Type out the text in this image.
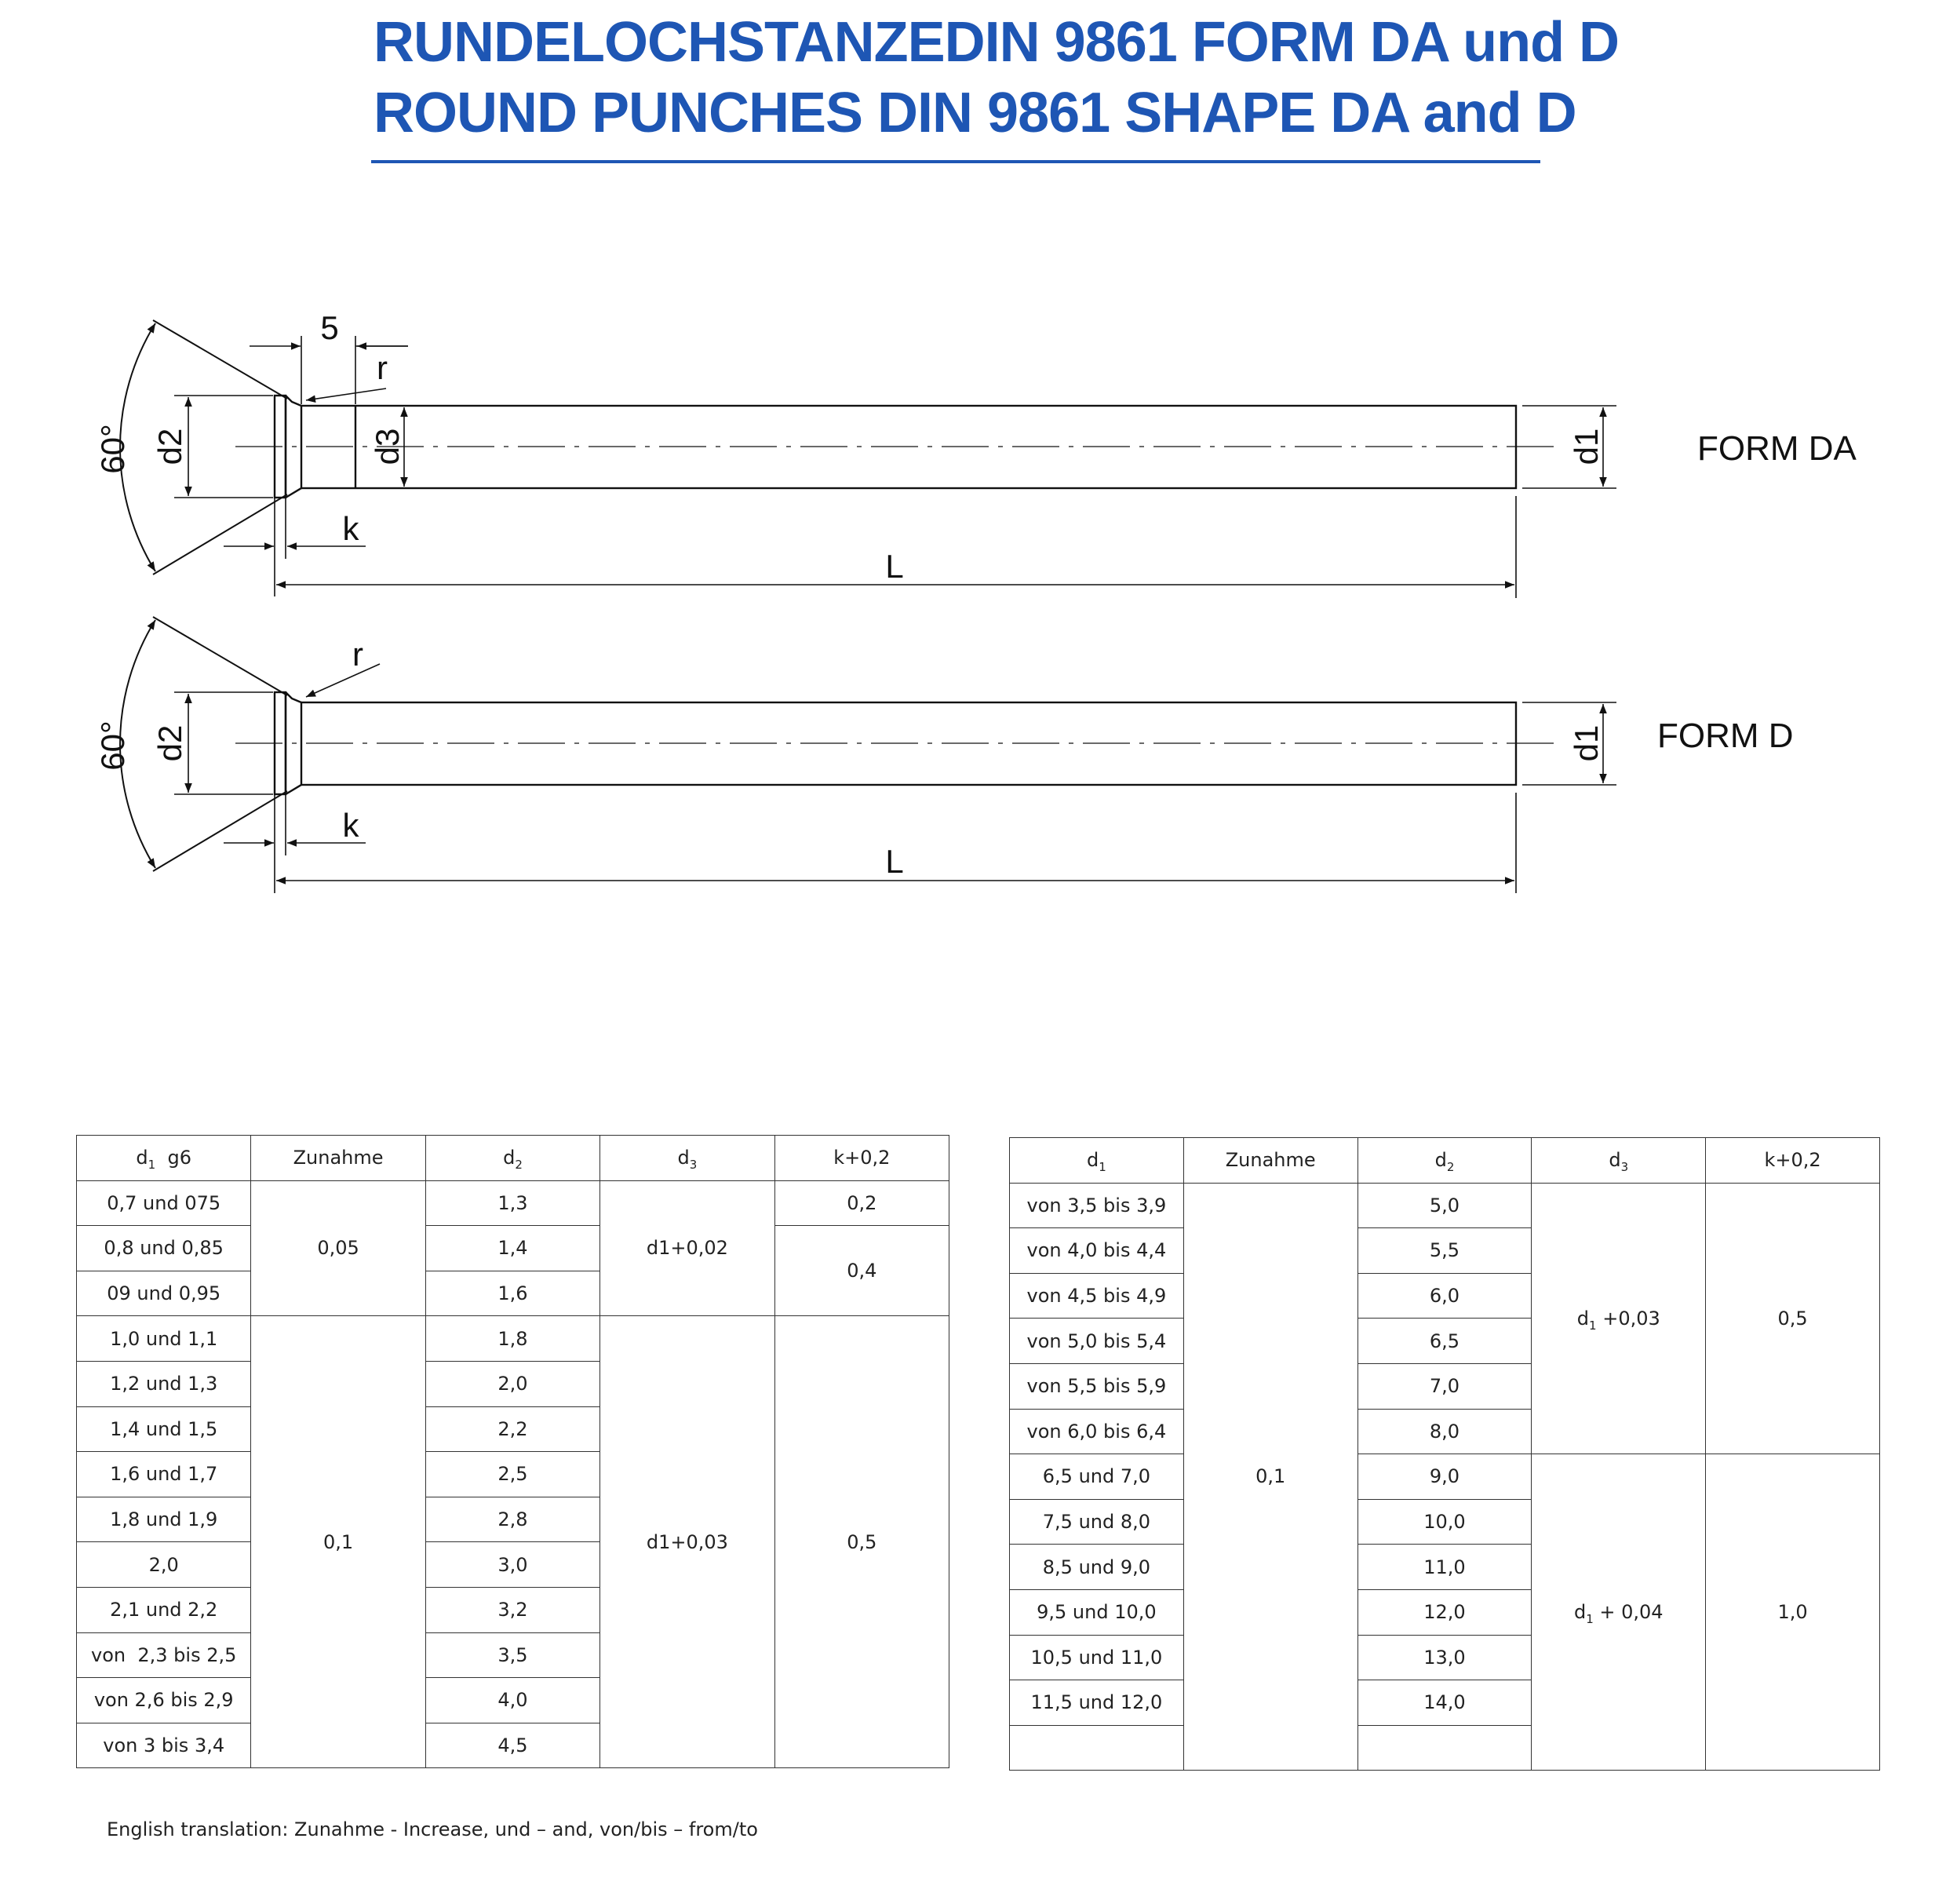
RUNDELOCHSTANZEDIN 9861 FORM DA und D
ROUND PUNCHES DIN 9861 SHAPE DA and D
60° d2	d3	d1
5
r
k
L
FORM DA
60° d2	d1
r
k
L
FORM D
$d_1$ g6	Zunahme	$d_2$	$d_3$	k+0,2
0,7 und 075	0,05	1,3	d1+0,02	0,2
0,8 und 0,85		1,4		0,4
09 und 0,95		1,6		
1,0 und 1,1	0,1	1,8	d1+0,03	0,5
1,2 und 1,3		2,0		
1,4 und 1,5		2,2		
1,6 und 1,7		2,5		
1,8 und 1,9		2,8		
2,0		3,0		
2,1 und 2,2		3,2		
von  2,3 bis 2,5		3,5		
von 2,6 bis 2,9		4,0		
von 3 bis 3,4		4,5		
$d_1$	Zunahme	$d_2$	$d_3$	k+0,2
von 3,5 bis 3,9	0,1	5,0	$d_1 +0,03$	0,5
von 4,0 bis 4,4		5,5		
von 4,5 bis 4,9		6,0		
von 5,0 bis 5,4		6,5		
von 5,5 bis 5,9		7,0		
von 6,0 bis 6,4		8,0		
6,5 und 7,0		9,0	$d_1 + 0,04$	1,0
7,5 und 8,0		10,0		
8,5 und 9,0		11,0		
9,5 und 10,0		12,0		
10,5 und 11,0		13,0		
11,5 und 12,0		14,0		

English translation: Zunahme - Increase, und – and, von/bis – from/to
